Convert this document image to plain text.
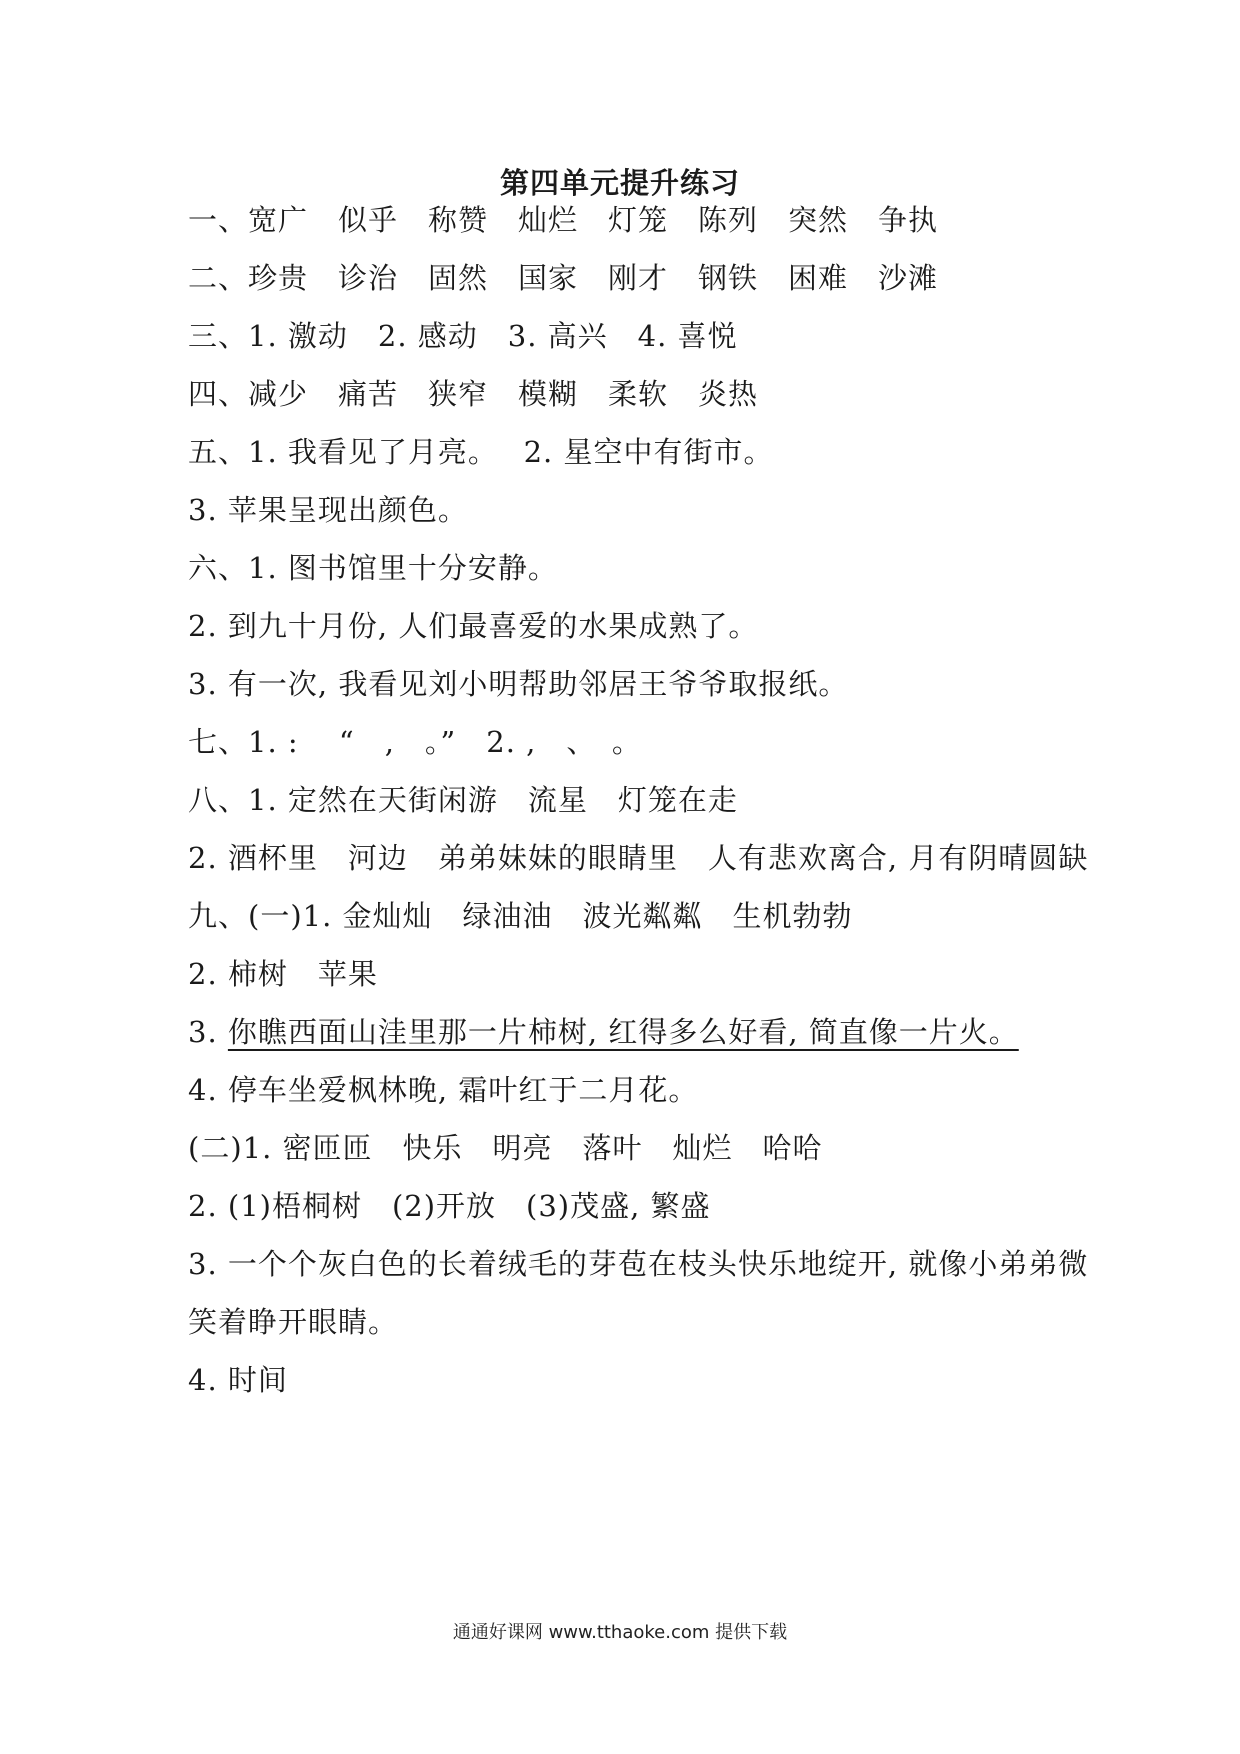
第四单元提升练习
一、宽广　似乎　称赞　灿烂　灯笼　陈列　突然　争执
二、珍贵　诊治　固然　国家　刚才　钢铁　困难　沙滩
三、1. 激动　2. 感动　3. 高兴　4. 喜悦
四、减少　痛苦　狭窄　模糊　柔软　炎热
五、1. 我看见了月亮。　 2. 星空中有街市。
3. 苹果呈现出颜色。
六、1. 图书馆里十分安静。
2. 到九十月份, 人们最喜爱的水果成熟了。
3. 有一次, 我看见刘小明帮助邻居王爷爷取报纸。
七、1. :　 “　,　。”　2. ,　、　。
八、1. 定然在天街闲游　流星　灯笼在走
2. 酒杯里　河边　弟弟妹妹的眼睛里　人有悲欢离合, 月有阴晴圆缺
九、(一)1. 金灿灿　绿油油　波光粼粼　生机勃勃
2. 柿树　苹果
3. 你瞧西面山洼里那一片柿树, 红得多么好看, 简直像一片火。
4. 停车坐爱枫林晚, 霜叶红于二月花。
(二)1. 密匝匝　快乐　明亮　落叶　灿烂　哈哈
2. (1)梧桐树　(2)开放　(3)茂盛, 繁盛
3. 一个个灰白色的长着绒毛的芽苞在枝头快乐地绽开, 就像小弟弟微
笑着睁开眼睛。
4. 时间
通通好课网 www.tthaoke.com 提供下载
